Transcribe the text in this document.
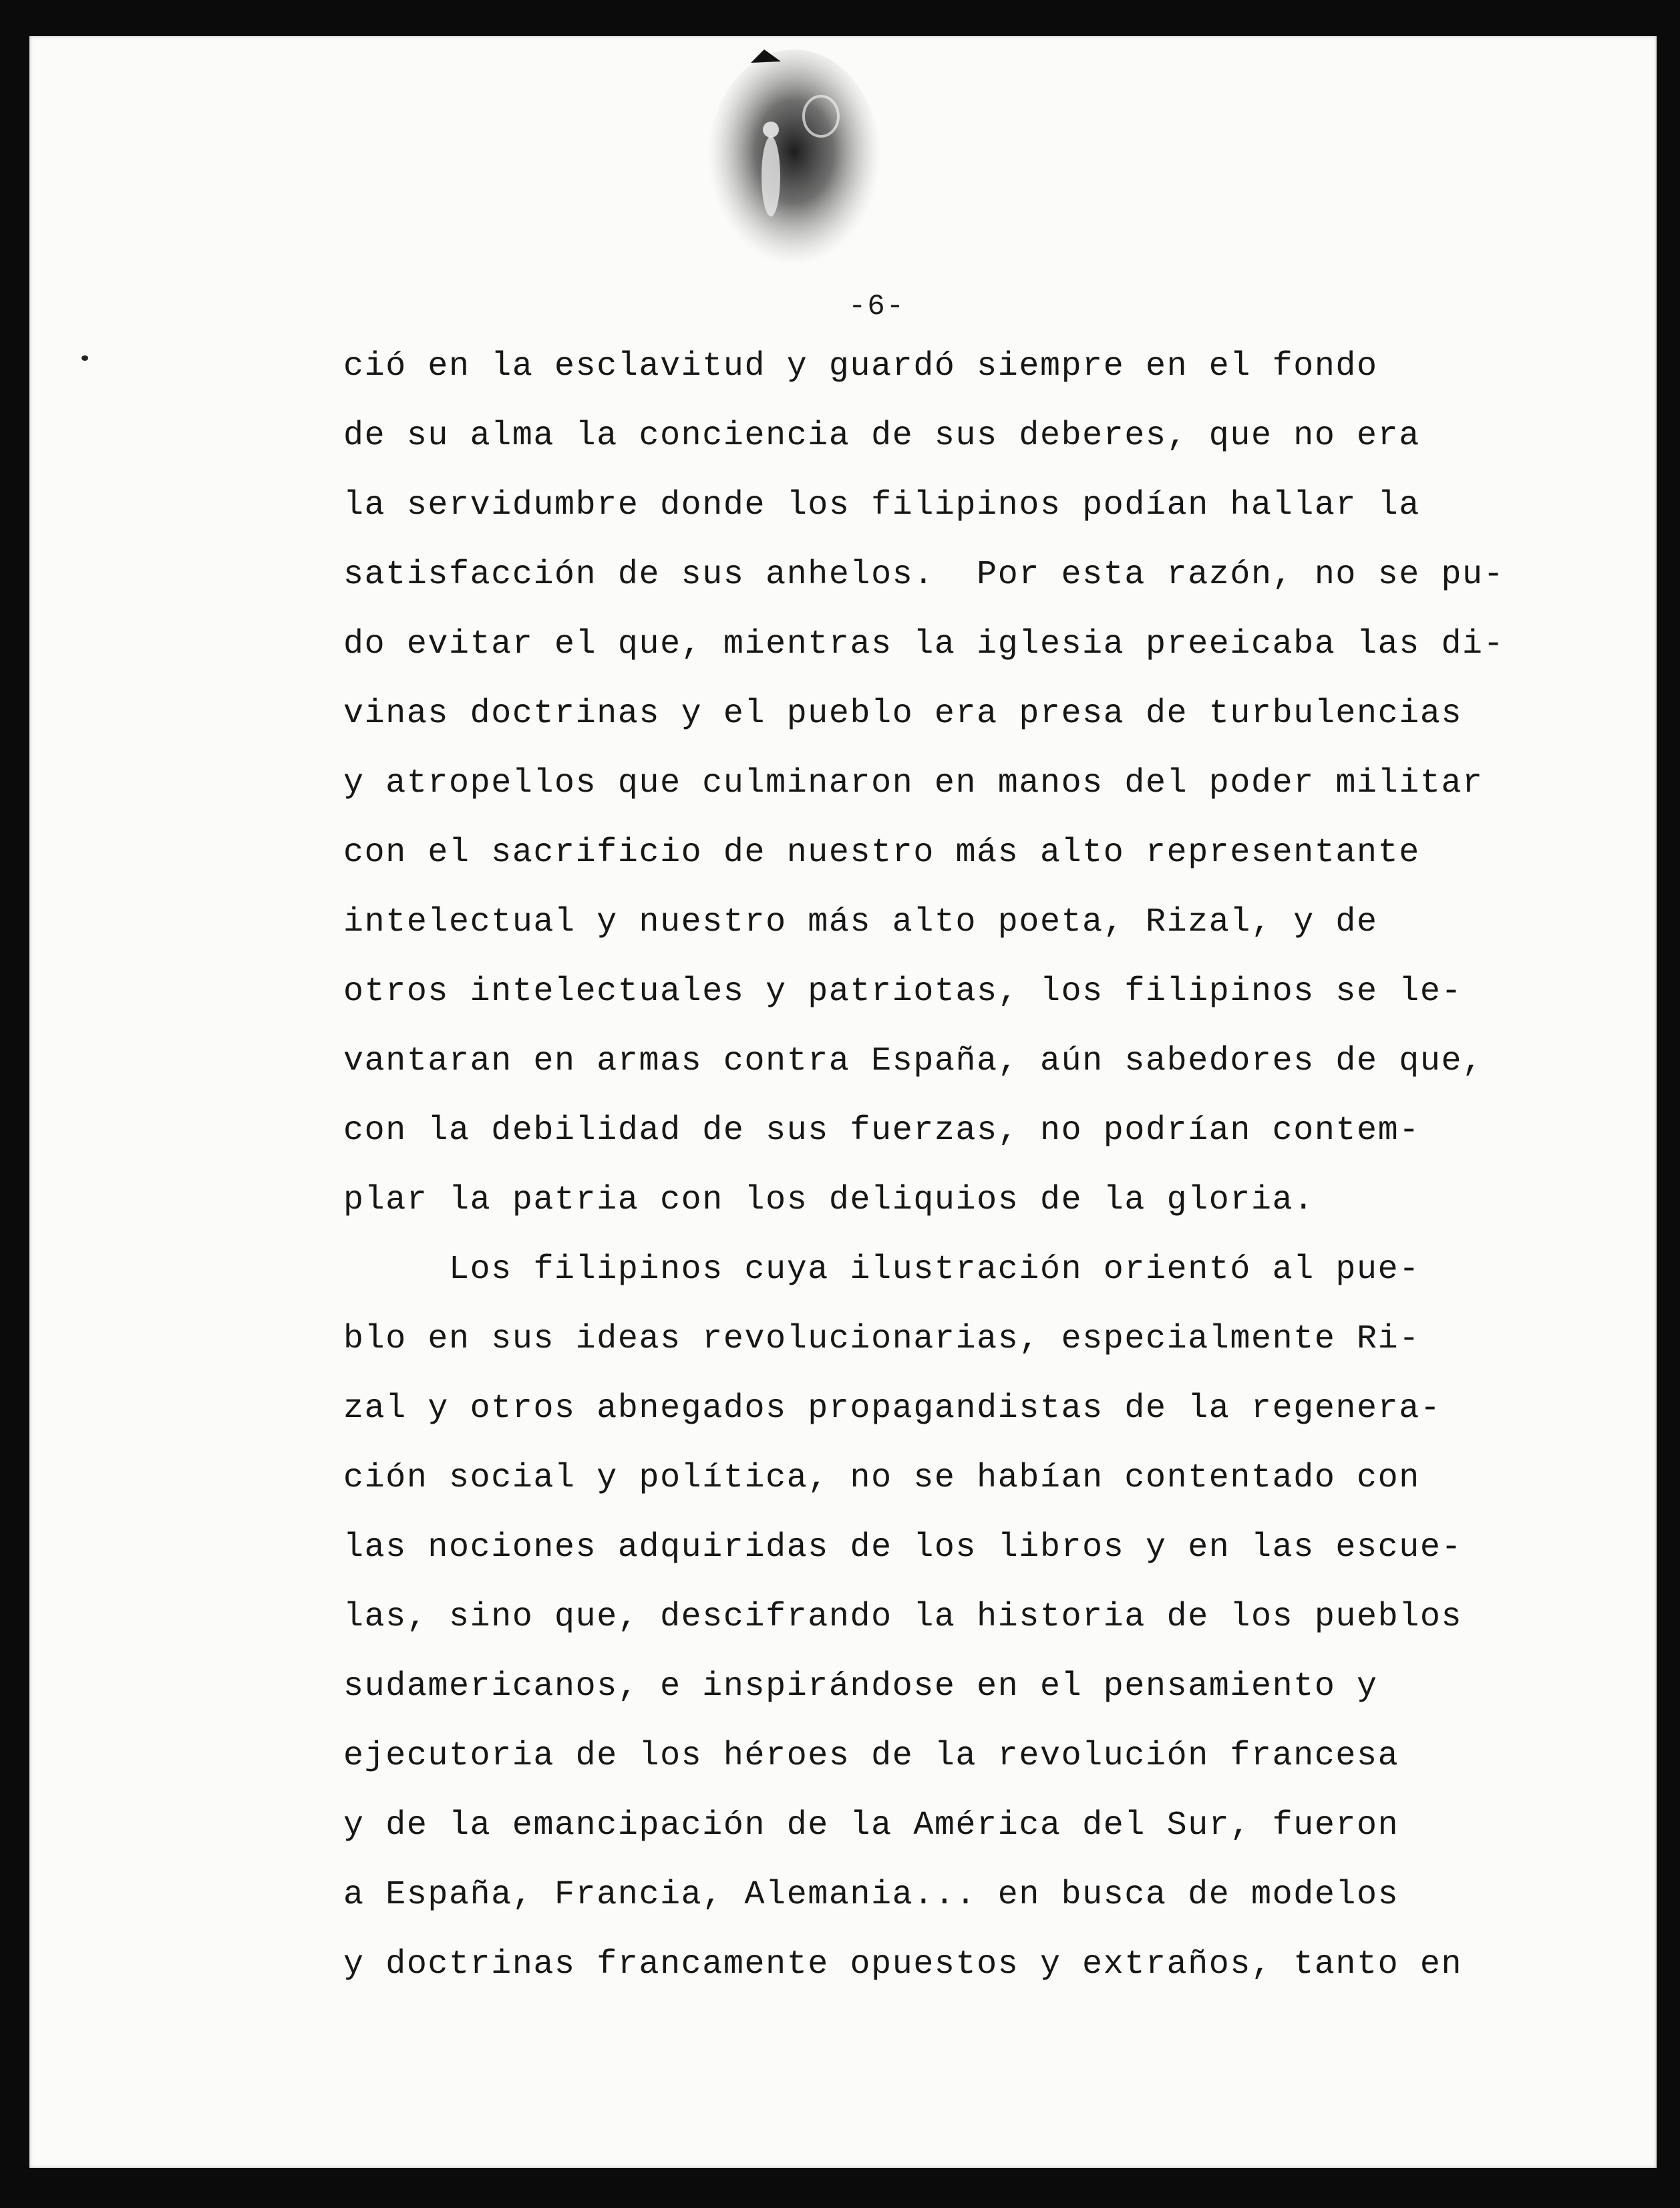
-6-
ció en la esclavitud y guardó siempre en el fondo
de su alma la conciencia de sus deberes, que no era
la servidumbre donde los filipinos podían hallar la
satisfacción de sus anhelos.  Por esta razón, no se pu-
do evitar el que, mientras la iglesia preeicaba las di-
vinas doctrinas y el pueblo era presa de turbulencias
y atropellos que culminaron en manos del poder militar
con el sacrificio de nuestro más alto representante
intelectual y nuestro más alto poeta, Rizal, y de
otros intelectuales y patriotas, los filipinos se le-
vantaran en armas contra España, aún sabedores de que,
con la debilidad de sus fuerzas, no podrían contem-
plar la patria con los deliquios de la gloria.
Los filipinos cuya ilustración orientó al pue-
blo en sus ideas revolucionarias, especialmente Ri-
zal y otros abnegados propagandistas de la regenera-
ción social y política, no se habían contentado con
las nociones adquiridas de los libros y en las escue-
las, sino que, descifrando la historia de los pueblos
sudamericanos, e inspirándose en el pensamiento y
ejecutoria de los héroes de la revolución francesa
y de la emancipación de la América del Sur, fueron
a España, Francia, Alemania... en busca de modelos
y doctrinas francamente opuestos y extraños, tanto en
